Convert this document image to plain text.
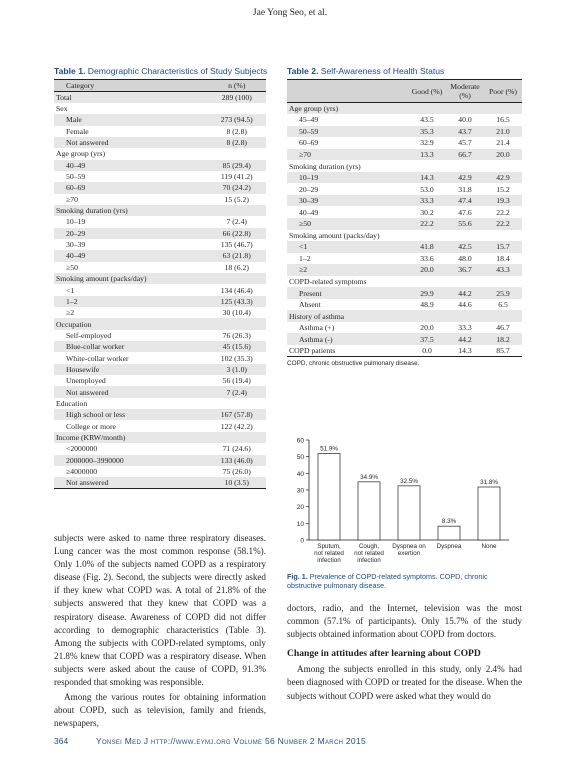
Jae Yong Seo, et al.
Table 1. Demographic Characteristics of Study Subjects
Category	n (%)
Total	289 (100)
Sex	
Male	273 (94.5)
Female	8 (2.8)
Not answered	8 (2.8)
Age group (yrs)	
40–49	85 (29.4)
50–59	119 (41.2)
60–69	70 (24.2)
≥70	15 (5.2)
Smoking duration (yrs)	
10–19	7 (2.4)
20–29	66 (22.8)
30–39	135 (46.7)
40–49	63 (21.8)
≥50	18 (6.2)
Smoking amount (packs/day)	
<1	134 (46.4)
1–2	125 (43.3)
≥2	30 (10.4)
Occupation	
Self-employed	76 (26.3)
Blue-collar worker	45 (15.6)
White-collar worker	102 (35.3)
Housewife	3 (1.0)
Unemployed	56 (19.4)
Not answered	7 (2.4)
Education	
High school or less	167 (57.8)
College or more	122 (42.2)
Income (KRW/month)	
<2000000	71 (24.6)
2000000–3990000	133 (46.0)
≥4000000	75 (26.0)
Not answered	10 (3.5)
Table 2. Self-Awareness of Health Status
	Good (%)	Moderate (%)	Poor (%)
Age group (yrs)			
45–49	43.5	40.0	16.5
50–59	35.3	43.7	21.0
60–69	32.9	45.7	21.4
≥70	13.3	66.7	20.0
Smoking duration (yrs)			
10–19	14.3	42.9	42.9
20–29	53.0	31.8	15.2
30–39	33.3	47.4	19.3
40–49	30.2	47.6	22.2
≥50	22.2	55.6	22.2
Smoking amount (packs/day)			
<1	41.8	42.5	15.7
1–2	33.6	48.0	18.4
≥2	20.0	36.7	43.3
COPD-related symptoms			
Present	29.9	44.2	25.9
Absent	48.9	44.6	6.5
History of asthma			
Asthma (+)	20.0	33.3	46.7
Asthma (-)	37.5	44.2	18.2
COPD patients	0.0	14.3	85.7
COPD, chronic obstructive pulmonary disease.
0
10
20
30
40
50
60
51.9%
Sputum, not related infection
34.9%
Cough, not related infection
32.5%
Dyspnea on exertion
8.3%
Dyspnea
31.8%
None
Fig. 1. Prevalence of COPD-related symptoms. COPD, chronic obstructive pulmonary disease.

subjects were asked to name three respiratory diseases. Lung cancer was the most common response (58.1%). Only 1.0% of the subjects named COPD as a respiratory disease (Fig. 2). Second, the subjects were directly asked if they knew what COPD was. A total of 21.8% of the subjects answered that they knew that COPD was a respiratory disease. Awareness of COPD did not differ according to demographic characteristics (Table 3). Among the subjects with COPD-related symptoms, only 21.8% knew that COPD was a respiratory disease. When subjects were asked about the cause of COPD, 91.3% responded that smoking was responsible.

Among the various routes for obtaining information about COPD, such as television, family and friends, newspapers,

doctors, radio, and the Internet, television was the most common (57.1% of participants). Only 15.7% of the study subjects obtained information about COPD from doctors.

Change in attitudes after learning about COPD

Among the subjects enrolled in this study, only 2.4% had been diagnosed with COPD or treated for the disease. When the subjects without COPD were asked what they would do

364	Yonsei Med J http://www.eymj.org Volume 56 Number 2 March 2015
